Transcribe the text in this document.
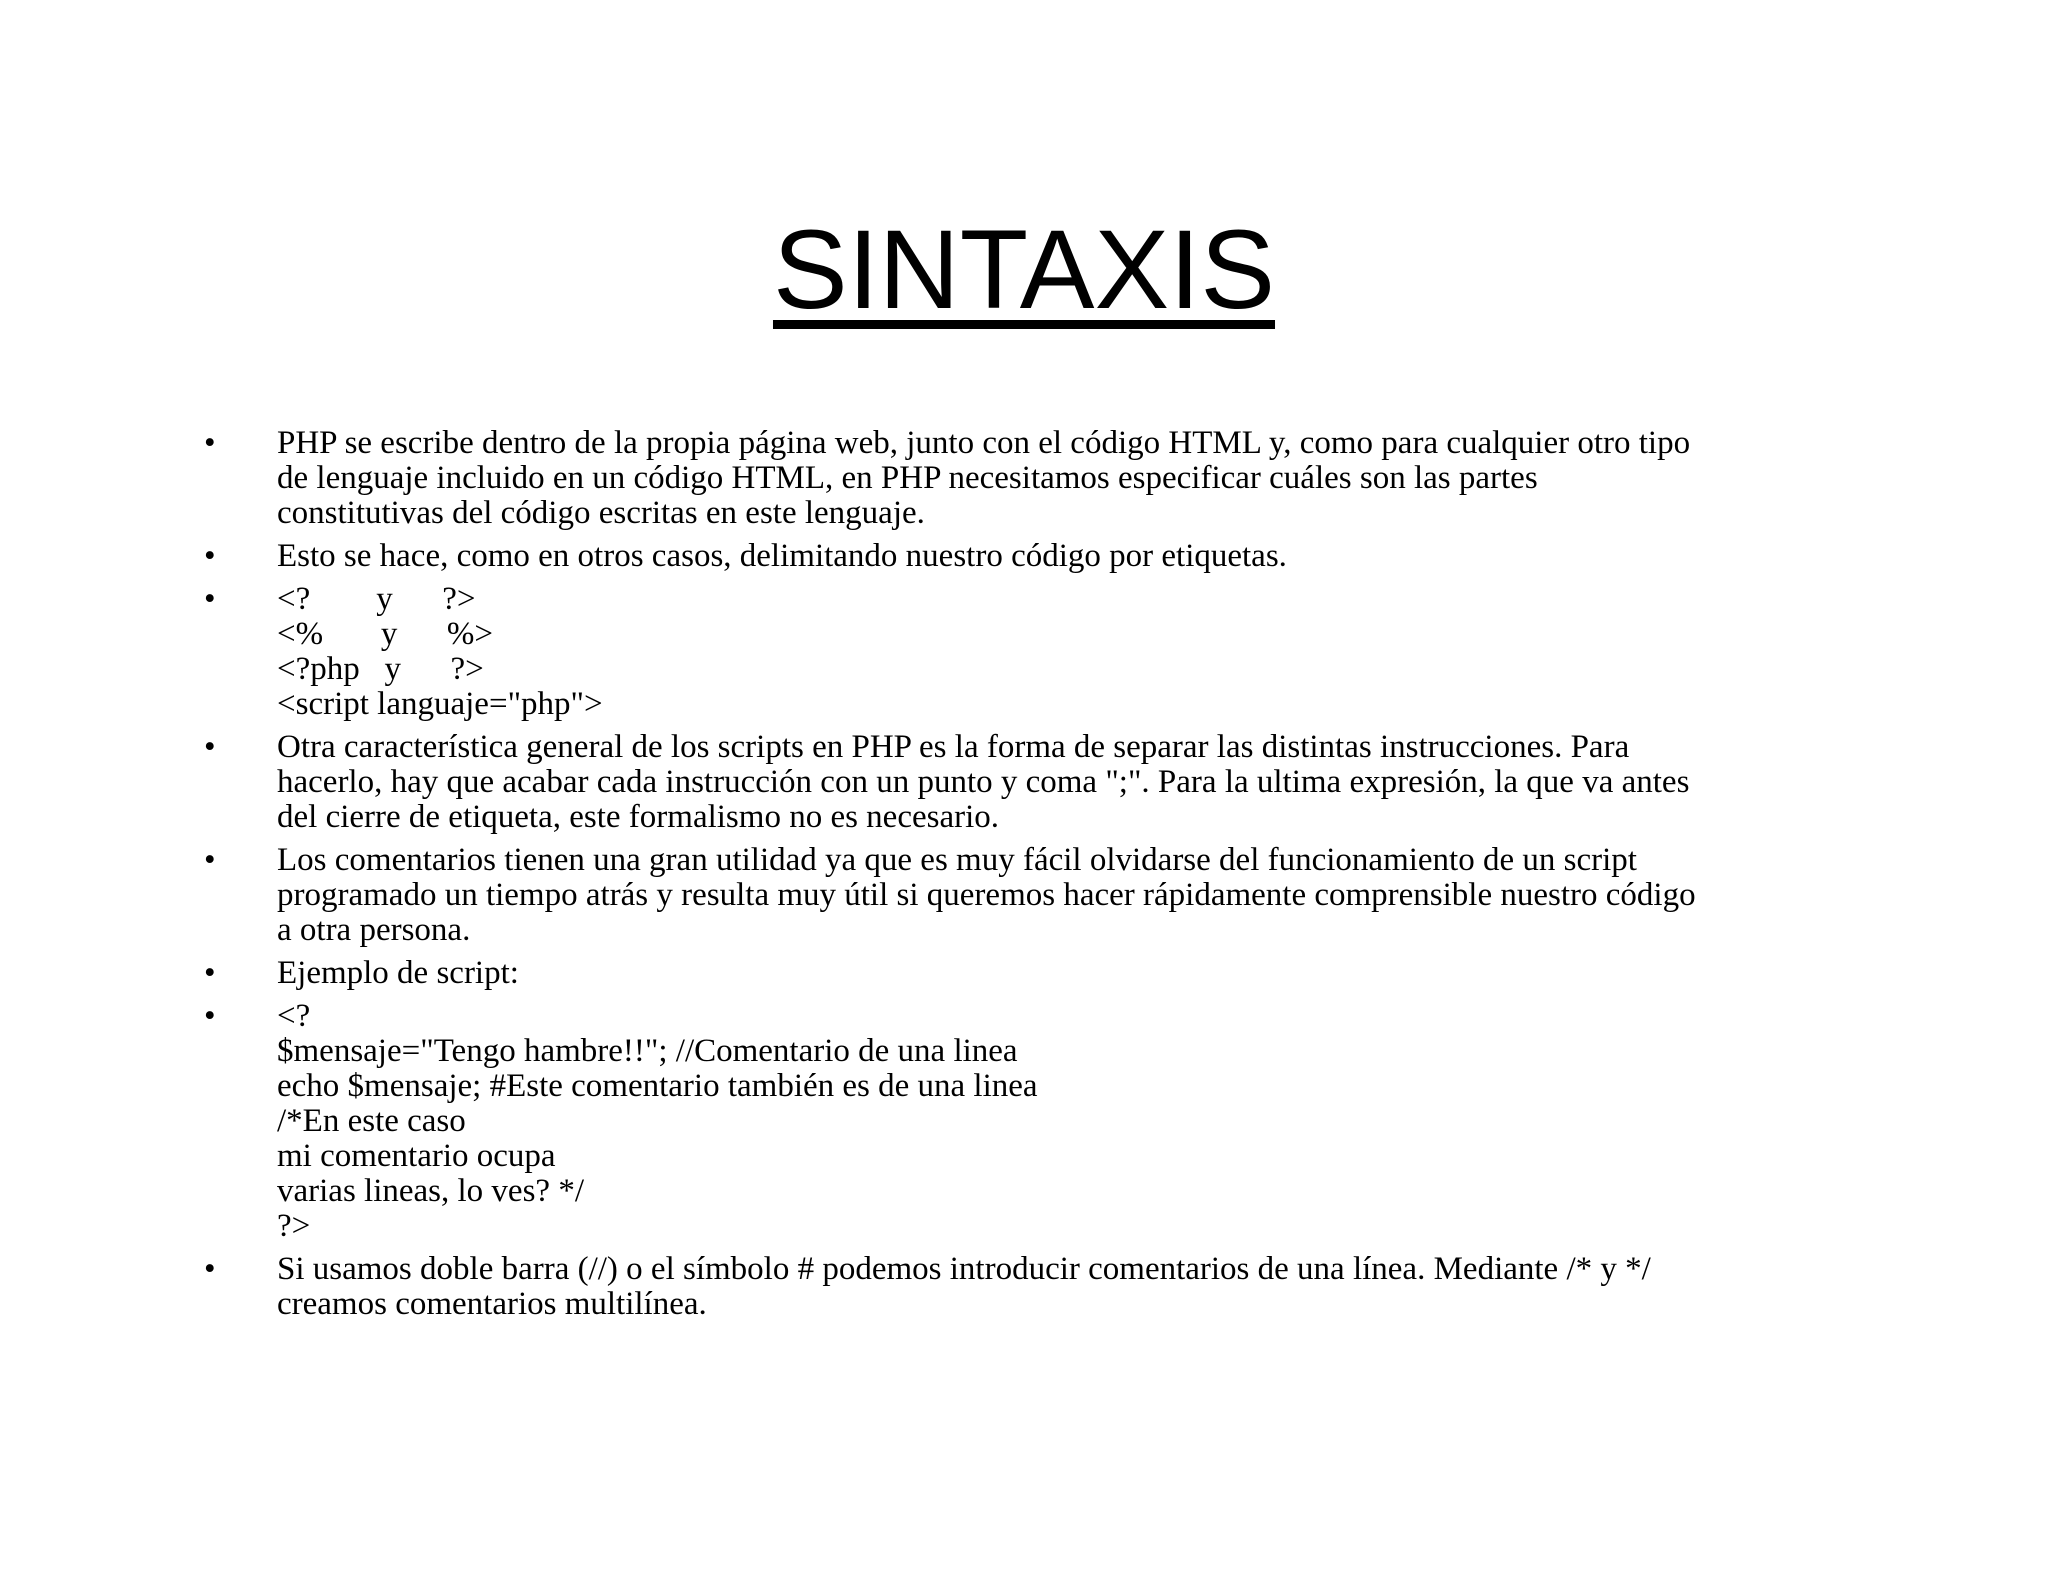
SINTAXIS
• PHP se escribe dentro de la propia página web, junto con el código HTML y, como para cualquier otro tipo
de lenguaje incluido en un código HTML, en PHP necesitamos especificar cuáles son las partes
constitutivas del código escritas en este lenguaje.
• Esto se hace, como en otros casos, delimitando nuestro código por etiquetas.
• <?        y      ?>
<%       y      %>
<?php   y      ?>
<script languaje="php">
• Otra característica general de los scripts en PHP es la forma de separar las distintas instrucciones. Para
hacerlo, hay que acabar cada instrucción con un punto y coma ";". Para la ultima expresión, la que va antes
del cierre de etiqueta, este formalismo no es necesario.
• Los comentarios tienen una gran utilidad ya que es muy fácil olvidarse del funcionamiento de un script
programado un tiempo atrás y resulta muy útil si queremos hacer rápidamente comprensible nuestro código
a otra persona.
• Ejemplo de script:
• <?
$mensaje="Tengo hambre!!"; //Comentario de una linea
echo $mensaje; #Este comentario también es de una linea
/*En este caso
mi comentario ocupa
varias lineas, lo ves? */
?>
• Si usamos doble barra (//) o el símbolo # podemos introducir comentarios de una línea. Mediante /* y */
creamos comentarios multilínea.
